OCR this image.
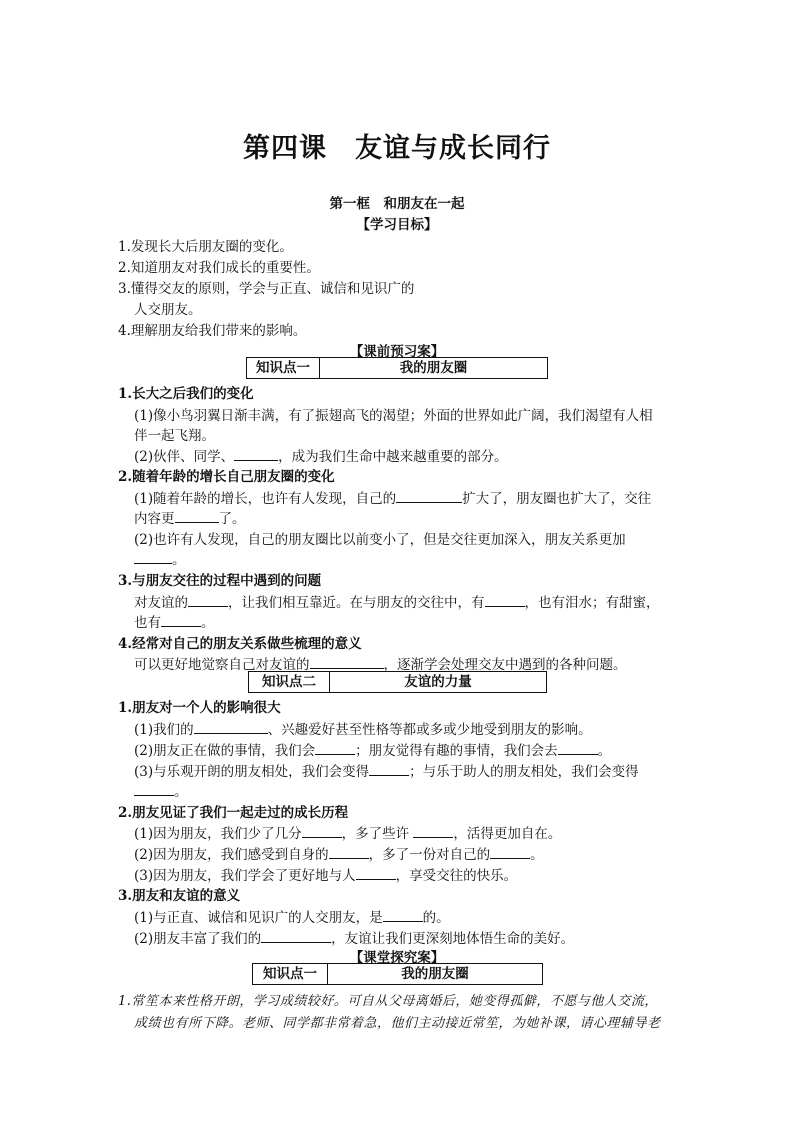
第四课　友谊与成长同行
第一框　和朋友在一起
【学习目标】
1.发现长大后朋友圈的变化。
2.知道朋友对我们成长的重要性。
3.懂得交友的原则，学会与正直、诚信和见识广的
人交朋友。
4.理解朋友给我们带来的影响。
【课前预习案】
知识点一	我的朋友圈
1.长大之后我们的变化
(1)像小鸟羽翼日渐丰满，有了振翅高飞的渴望；外面的世界如此广阔，我们渴望有人相
伴一起飞翔。
(2)伙伴、同学、	，成为我们生命中越来越重要的部分。
2.随着年龄的增长自己朋友圈的变化
(1)随着年龄的增长，也许有人发现，自己的	扩大了，朋友圈也扩大了，交往
内容更	了。
(2)也许有人发现，自己的朋友圈比以前变小了，但是交往更加深入，朋友关系更加
。
3.与朋友交往的过程中遇到的问题
对友谊的	，让我们相互靠近。在与朋友的交往中，有	，也有泪水；有甜蜜，
也有	。
4.经常对自己的朋友关系做些梳理的意义
可以更好地觉察自己对友谊的	，逐渐学会处理交友中遇到的各种问题。
知识点二	友谊的力量
1.朋友对一个人的影响很大
(1)我们的	、兴趣爱好甚至性格等都或多或少地受到朋友的影响。
(2)朋友正在做的事情，我们会	；朋友觉得有趣的事情，我们会去	。
(3)与乐观开朗的朋友相处，我们会变得	；与乐于助人的朋友相处，我们会变得
。
2.朋友见证了我们一起走过的成长历程
(1)因为朋友，我们少了几分	，多了些许	，活得更加自在。
(2)因为朋友，我们感受到自身的	，多了一份对自己的	。
(3)因为朋友，我们学会了更好地与人	，享受交往的快乐。
3.朋友和友谊的意义
(1)与正直、诚信和见识广的人交朋友，是	的。
(2)朋友丰富了我们的	，友谊让我们更深刻地体悟生命的美好。
【课堂探究案】
知识点一	我的朋友圈
1.常笙本来性格开朗，学习成绩较好。可自从父母离婚后，她变得孤僻，不愿与他人交流，
成绩也有所下降。老师、同学都非常着急，他们主动接近常笙，为她补课，请心理辅导老
